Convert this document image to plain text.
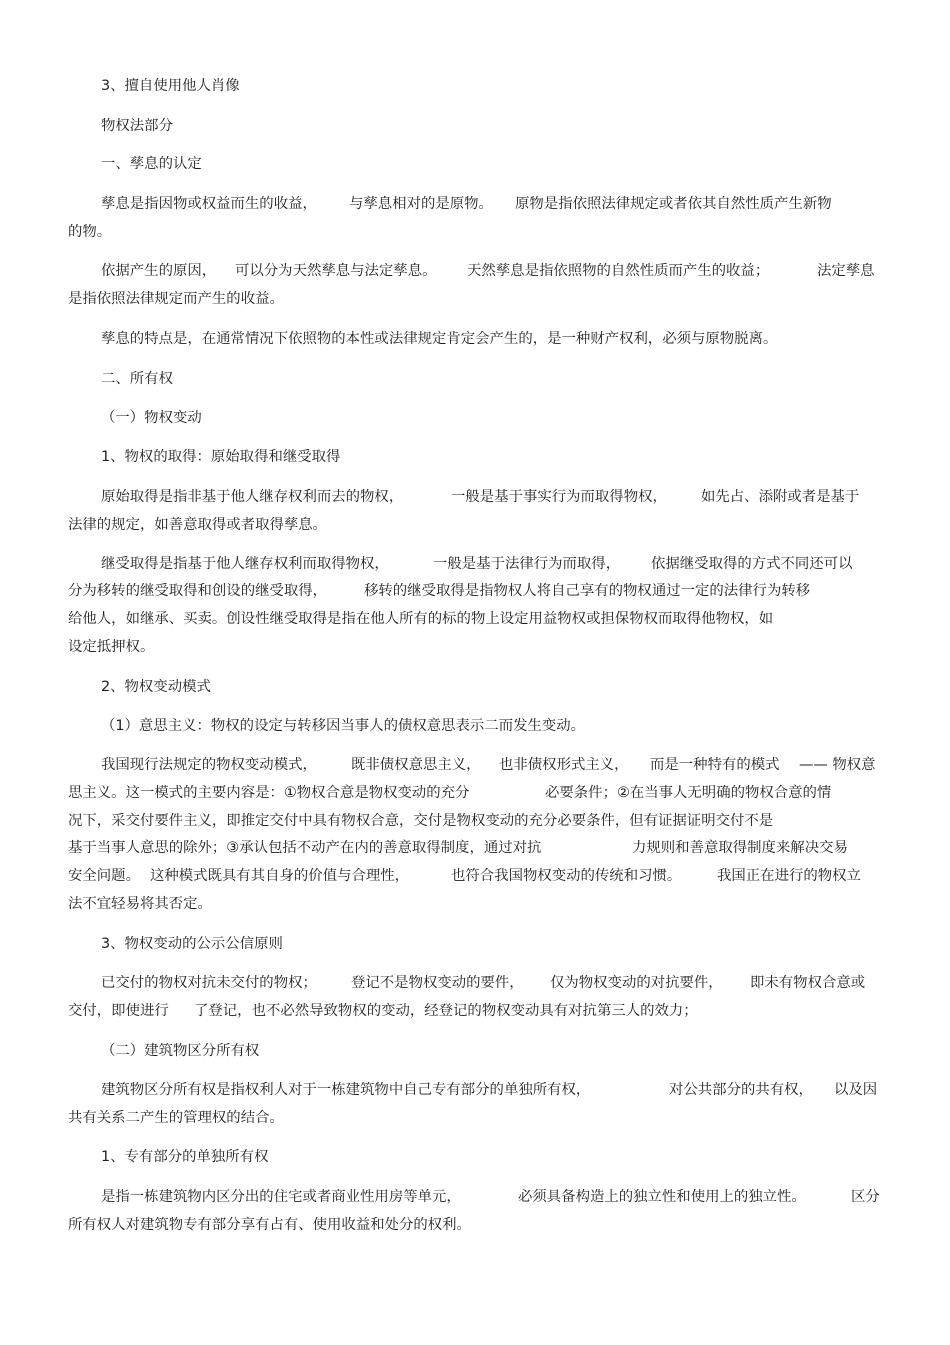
3、擅自使用他人肖像
物权法部分
一、孳息的认定
孳息是指因物或权益而生的收益， 与孳息相对的是原物。 原物是指依照法律规定或者依其自然性质产生新物
的物。
依据产生的原因， 可以分为天然孳息与法定孳息。 天然孳息是指依照物的自然性质而产生的收益；	法定孳息
是指依照法律规定而产生的收益。
孳息的特点是，在通常情况下依照物的本性或法律规定肯定会产生的，是一种财产权利，必须与原物脱离。
二、所有权
（一）物权变动
1、物权的取得：原始取得和继受取得
原始取得是指非基于他人继存权利而去的物权，	一般是基于事实行为而取得物权， 如先占、添附或者是基于
法律的规定，如善意取得或者取得孳息。
继受取得是指基于他人继存权利而取得物权，	一般是基于法律行为而取得， 依据继受取得的方式不同还可以
分为移转的继受取得和创设的继受取得，	移转的继受取得是指物权人将自己享有的物权通过一定的法律行为转移
给他人，如继承、买卖。创设性继受取得是指在他人所有的标的物上设定用益物权或担保物权而取得他物权，如
设定抵押权。
2、物权变动模式
（1）意思主义：物权的设定与转移因当事人的债权意思表示二而发生变动。
我国现行法规定的物权变动模式， 既非债权意思主义， 也非债权形式主义， 而是一种特有的模式 —— 物权意
思主义。这一模式的主要内容是：①物权合意是物权变动的充分	必要条件；②在当事人无明确的物权合意的情
况下，采交付要件主义，即推定交付中具有物权合意，交付是物权变动的充分必要条件，但有证据证明交付不是
基于当事人意思的除外；③承认包括不动产在内的善意取得制度，通过对抗	力规则和善意取得制度来解决交易
安全问题。 这种模式既具有其自身的价值与合理性，	也符合我国物权变动的传统和习惯。 我国正在进行的物权立
法不宜轻易将其否定。
3、物权变动的公示公信原则
已交付的物权对抗未交付的物权； 登记不是物权变动的要件， 仅为物权变动的对抗要件， 即未有物权合意或
交付，即使进行 了登记，也不必然导致物权的变动，经登记的物权变动具有对抗第三人的效力；
（二）建筑物区分所有权
建筑物区分所有权是指权利人对于一栋建筑物中自己专有部分的单独所有权，	对公共部分的共有权， 以及因
共有关系二产生的管理权的结合。
1、专有部分的单独所有权
是指一栋建筑物内区分出的住宅或者商业性用房等单元，	必须具备构造上的独立性和使用上的独立性。	区分
所有权人对建筑物专有部分享有占有、使用收益和处分的权利。
